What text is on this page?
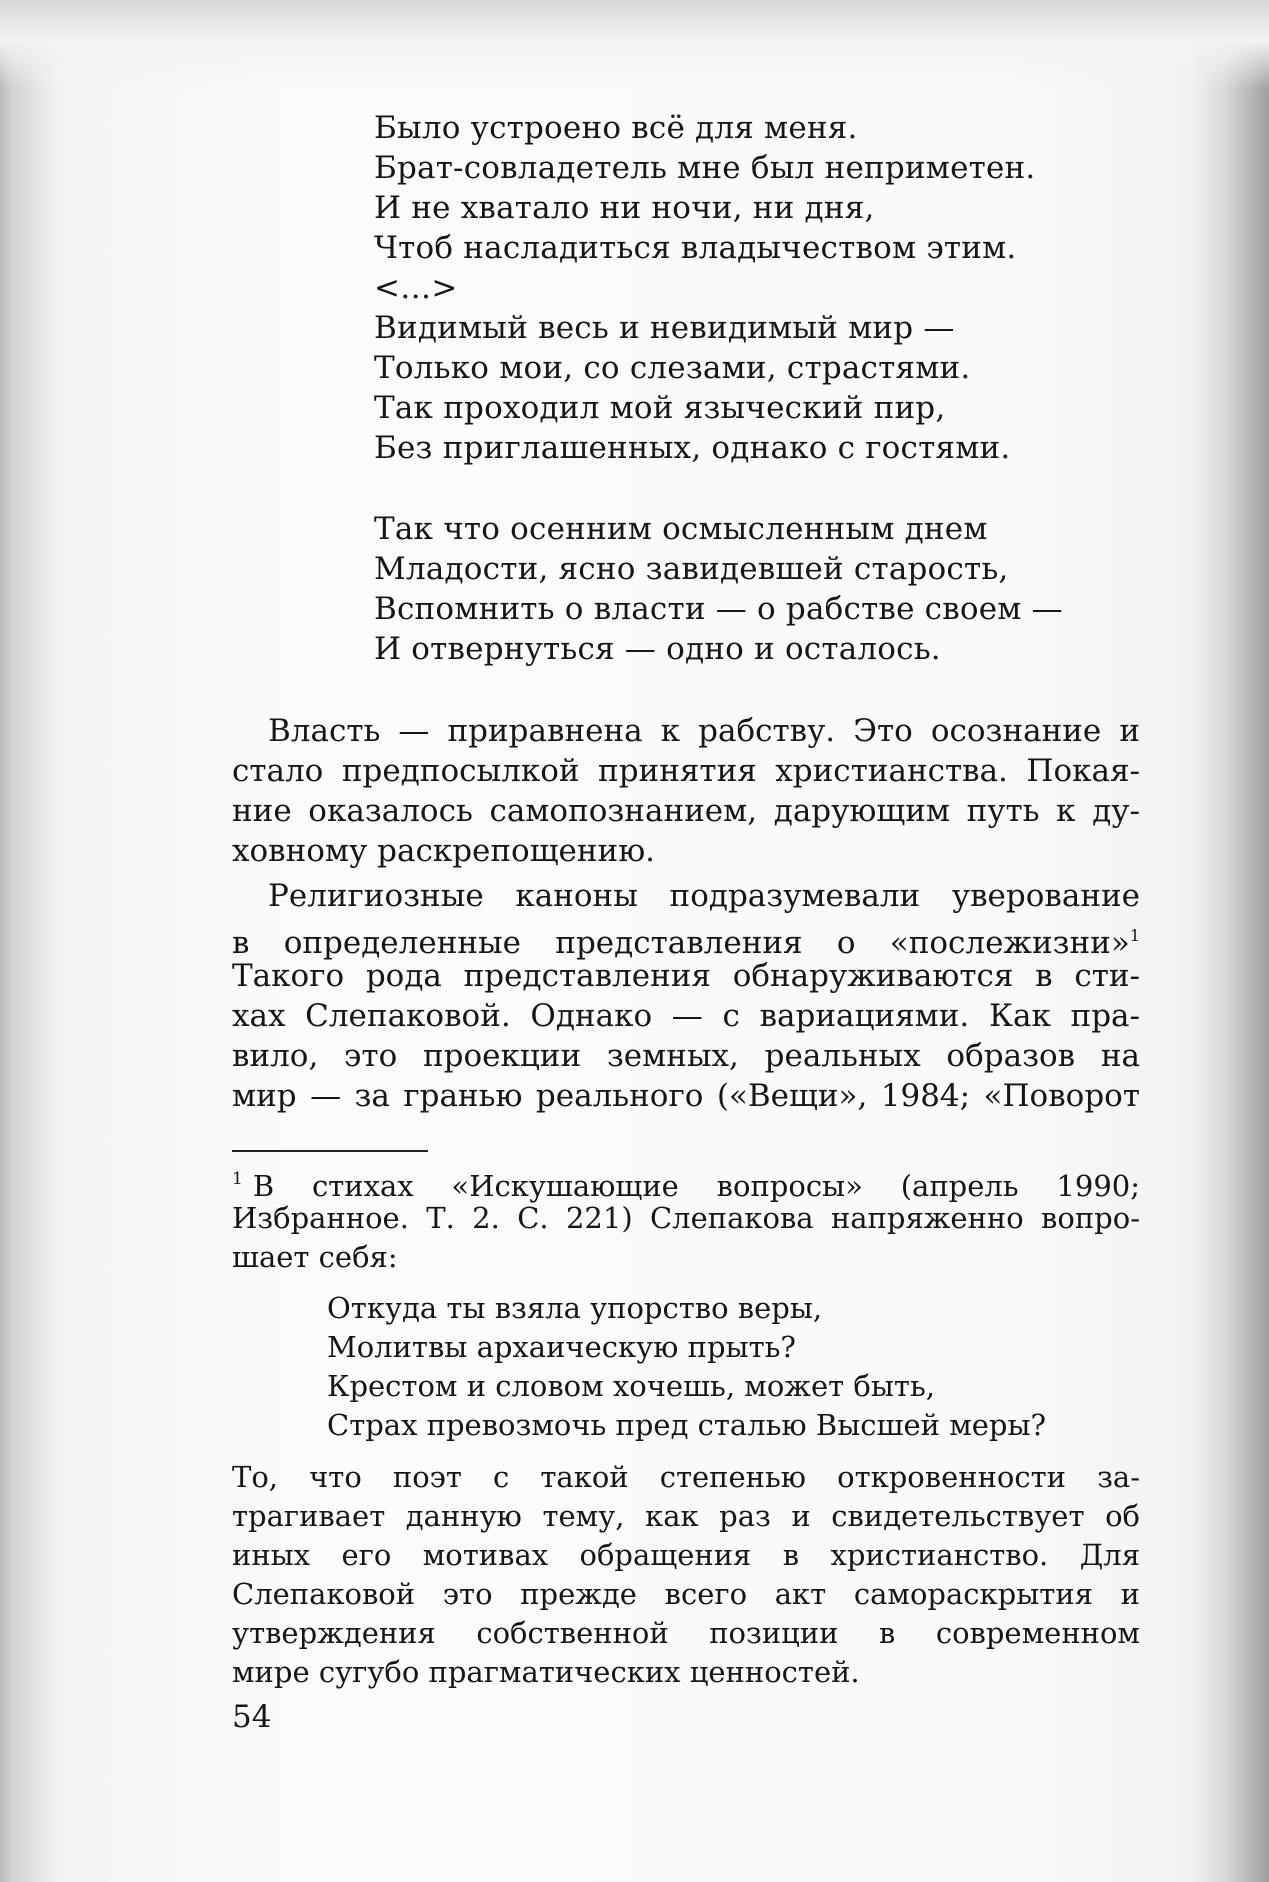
Было устроено всё для меня.
Брат-совладетель мне был неприметен.
И не хватало ни ночи, ни дня,
Чтоб насладиться владычеством этим.
<…>
Видимый весь и невидимый мир —
Только мои, со слезами, страстями.
Так проходил мой языческий пир,
Без приглашенных, однако с гостями.
Так что осенним осмысленным днем
Младости, ясно завидевшей старость,
Вспомнить о власти — о рабстве своем —
И отвернуться — одно и осталось.
Власть — приравнена к рабству. Это осознание и
стало предпосылкой принятия христианства. Покая-
ние оказалось самопознанием, дарующим путь к ду-
ховному раскрепощению.
Религиозные каноны подразумевали уверование
в определенные представления о «послежизни»$^1$
Такого рода представления обнаруживаются в сти-
хах Слепаковой. Однако — с вариациями. Как пра-
вило, это проекции земных, реальных образов на
мир — за гранью реального («Вещи», 1984; «Поворот
$^1$ В стихах «Искушающие вопросы» (апрель 1990;
Избранное. Т. 2. С. 221) Слепакова напряженно вопро-
шает себя:
Откуда ты взяла упорство веры,
Молитвы архаическую прыть?
Крестом и словом хочешь, может быть,
Страх превозмочь пред сталью Высшей меры?
То, что поэт с такой степенью откровенности за-
трагивает данную тему, как раз и свидетельствует об
иных его мотивах обращения в христианство. Для
Слепаковой это прежде всего акт самораскрытия и
утверждения собственной позиции в современном
мире сугубо прагматических ценностей.
54
